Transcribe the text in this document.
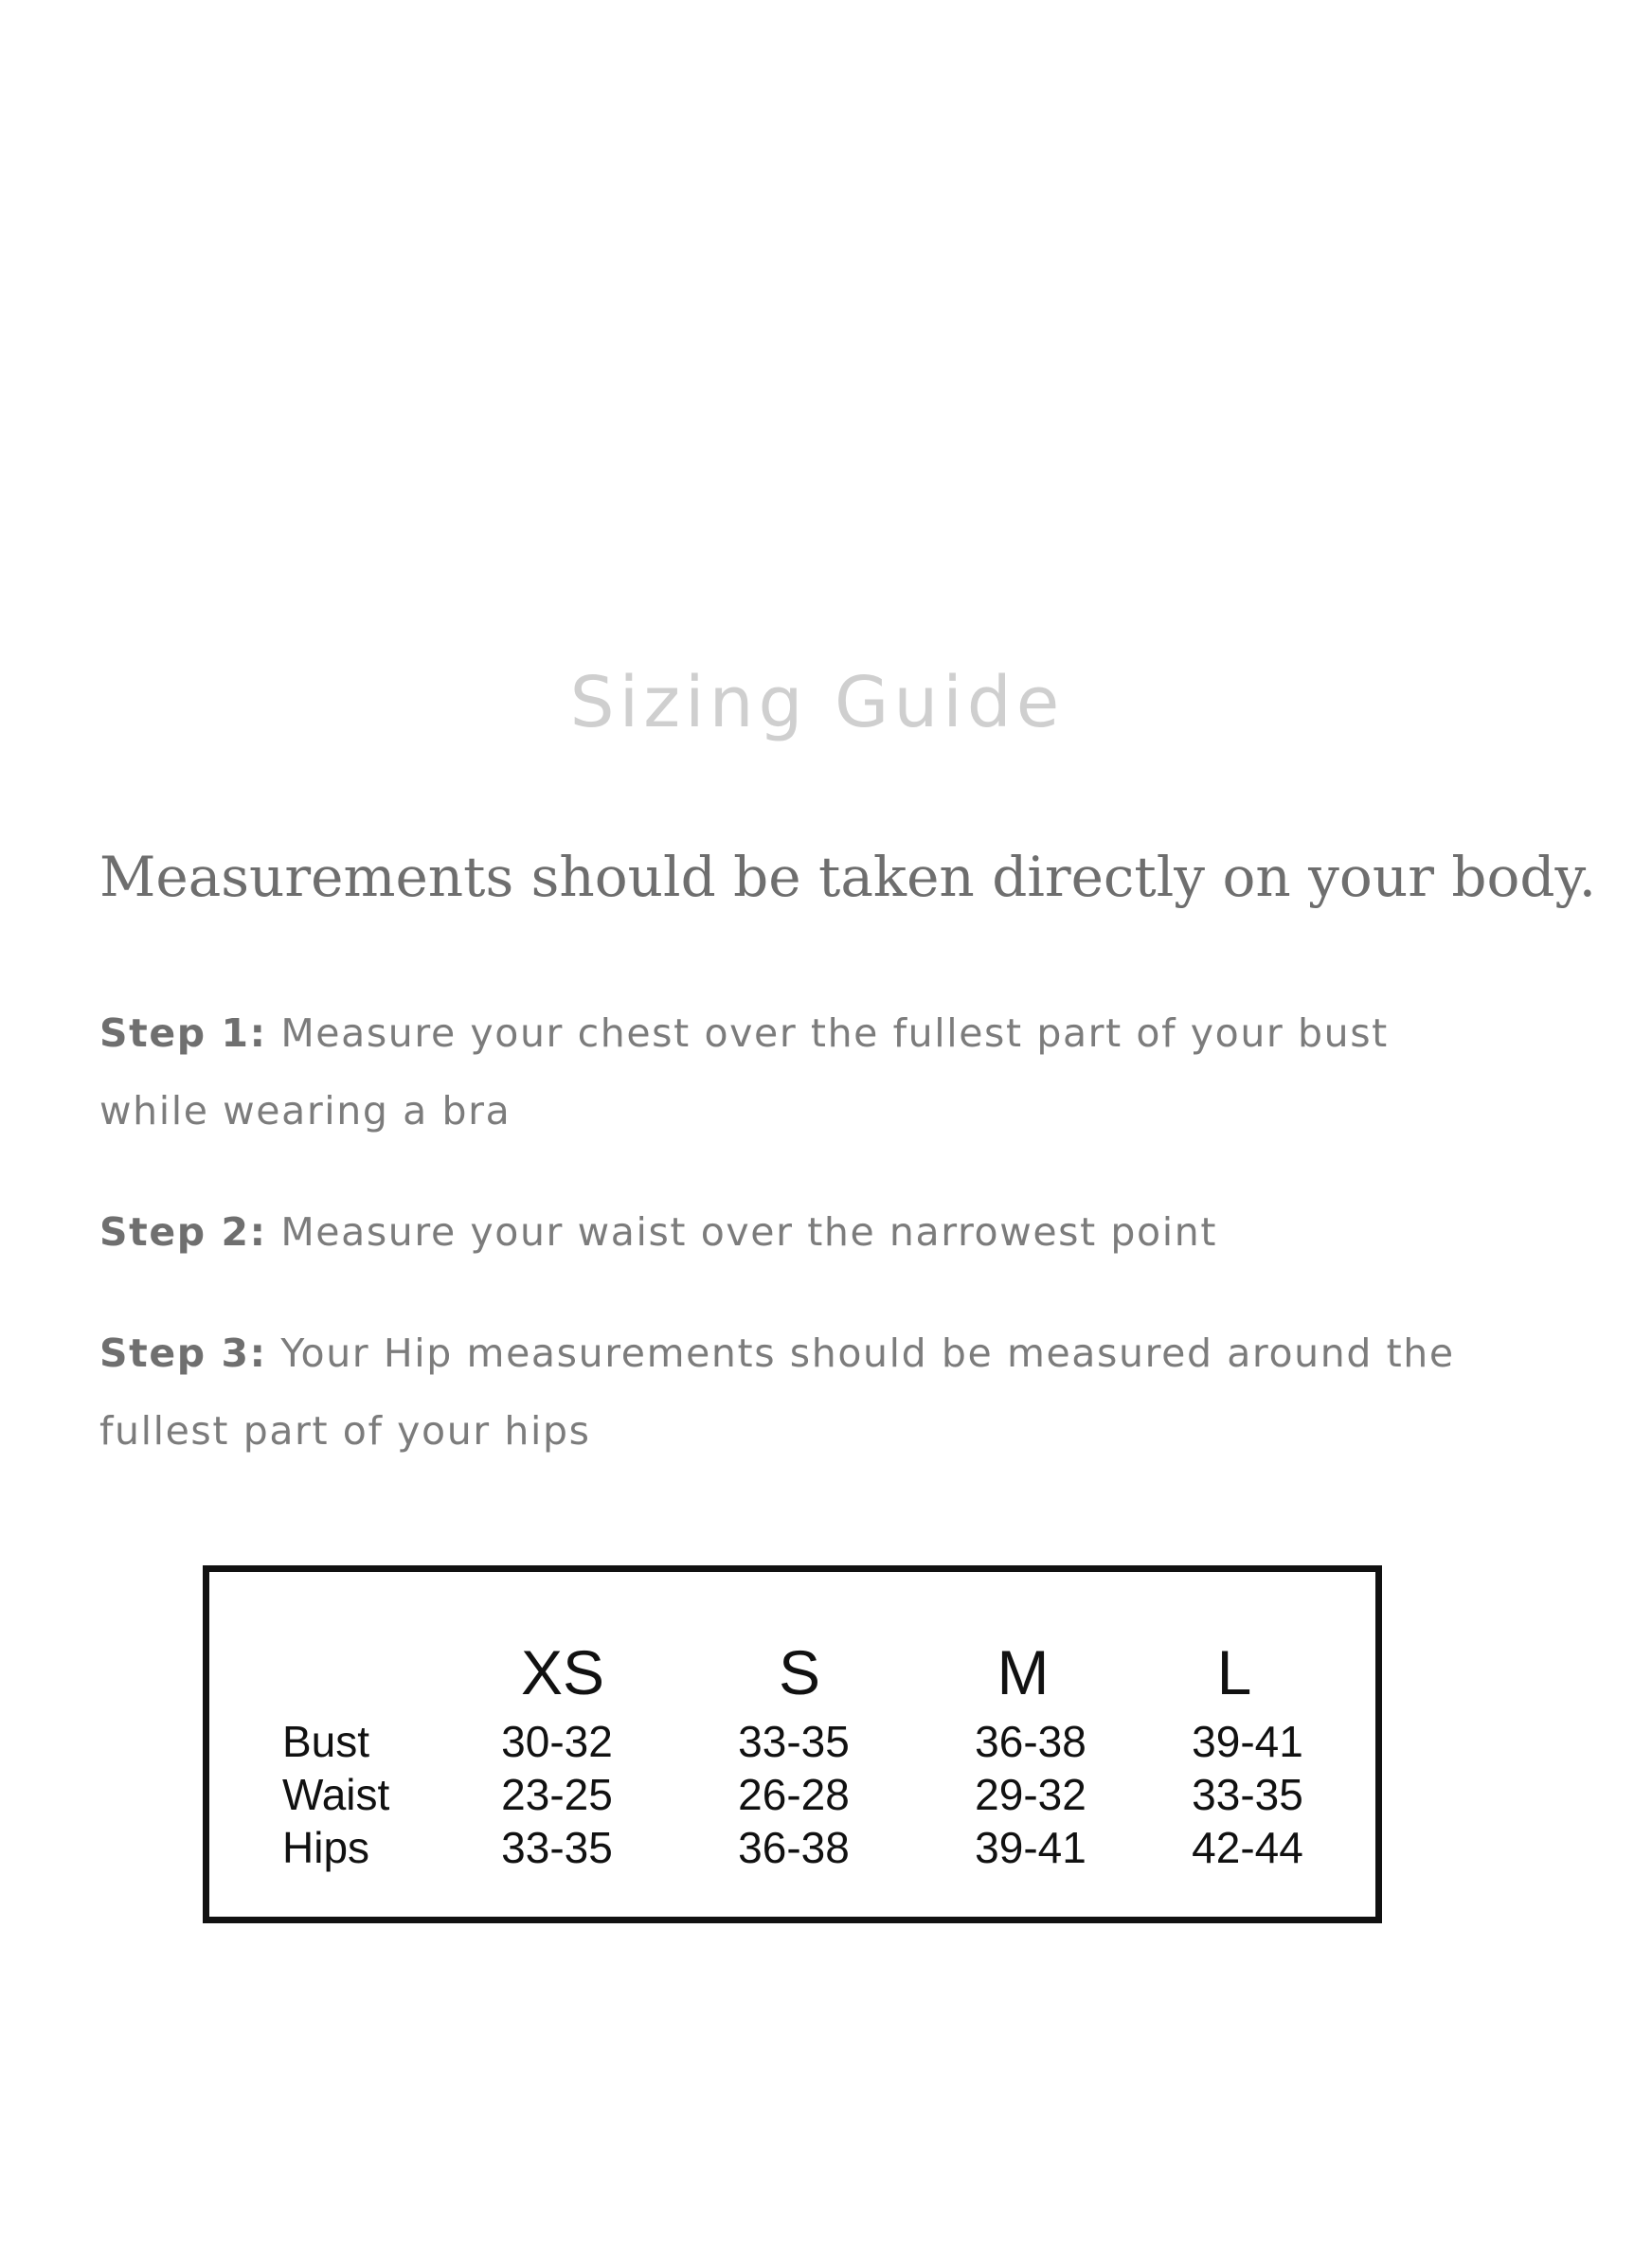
Sizing Guide
Measurements should be taken directly on your body.
Step 1: Measure your chest over the fullest part of your bust while wearing a bra
Step 2: Measure your waist over the narrowest point
Step 3: Your Hip measurements should be measured around the fullest part of your hips
XS	S	M	L
Bust	30-32	33-35	36-38 39-41
Waist	23-25	26-28	29-32 33-35
Hips	33-35	36-38	39-41 42-44
